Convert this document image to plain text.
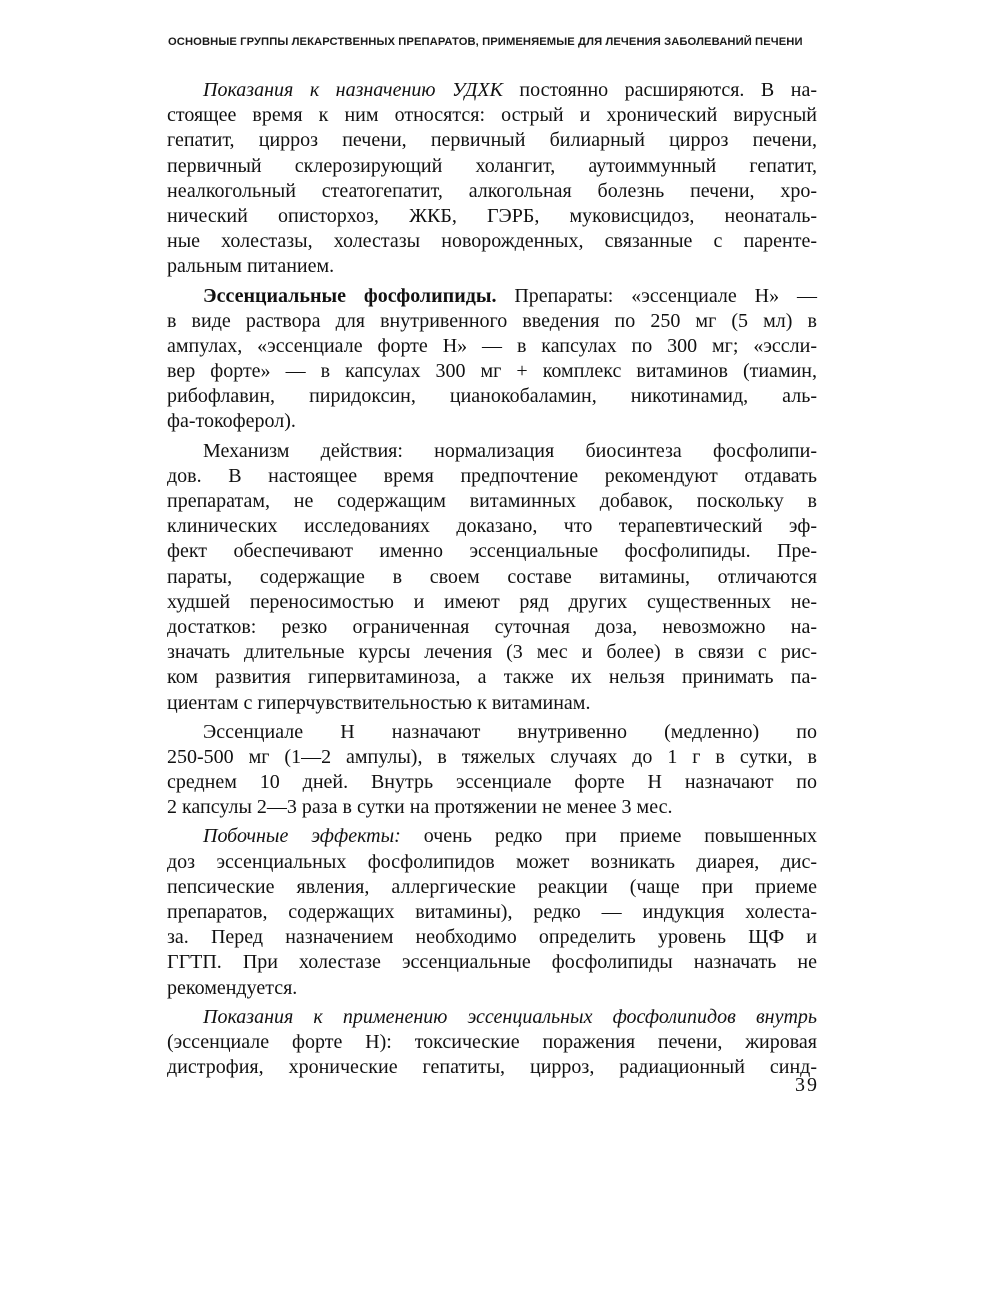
ОСНОВНЫЕ ГРУППЫ ЛЕКАРСТВЕННЫХ ПРЕПАРАТОВ, ПРИМЕНЯЕМЫЕ ДЛЯ ЛЕЧЕНИЯ ЗАБОЛЕВАНИЙ ПЕЧЕНИ
Показания к назначению УДХК постоянно расширяются. В на-
стоящее время к ним относятся: острый и хронический вирусный
гепатит, цирроз печени, первичный билиарный цирроз печени,
первичный склерозирующий холангит, аутоиммунный гепатит,
неалкогольный стеатогепатит, алкогольная болезнь печени, хро-
нический описторхоз, ЖКБ, ГЭРБ, муковисцидоз, неонаталь-
ные холестазы, холестазы новорожденных, связанные с паренте-
ральным питанием.
Эссенциальные фосфолипиды. Препараты: «эссенциале Н» —
в виде раствора для внутривенного введения по 250 мг (5 мл) в
ампулах, «эссенциале форте Н» — в капсулах по 300 мг; «эссли-
вер форте» — в капсулах 300 мг + комплекс витаминов (тиамин,
рибофлавин, пиридоксин, цианокобаламин, никотинамид, аль-
фа-токоферол).
Механизм действия: нормализация биосинтеза фосфолипи-
дов. В настоящее время предпочтение рекомендуют отдавать
препаратам, не содержащим витаминных добавок, поскольку в
клинических исследованиях доказано, что терапевтический эф-
фект обеспечивают именно эссенциальные фосфолипиды. Пре-
параты, содержащие в своем составе витамины, отличаются
худшей переносимостью и имеют ряд других существенных не-
достатков: резко ограниченная суточная доза, невозможно на-
значать длительные курсы лечения (3 мес и более) в связи с рис-
ком развития гипервитаминоза, а также их нельзя принимать па-
циентам с гиперчувствительностью к витаминам.
Эссенциале Н назначают внутривенно (медленно) по
250-500 мг (1—2 ампулы), в тяжелых случаях до 1 г в сутки, в
среднем 10 дней. Внутрь эссенциале форте Н назначают по
2 капсулы 2—3 раза в сутки на протяжении не менее 3 мес.
Побочные эффекты: очень редко при приеме повышенных
доз эссенциальных фосфолипидов может возникать диарея, дис-
пепсические явления, аллергические реакции (чаще при приеме
препаратов, содержащих витамины), редко — индукция холеста-
за. Перед назначением необходимо определить уровень ЩФ и
ГГТП. При холестазе эссенциальные фосфолипиды назначать не
рекомендуется.
Показания к применению эссенциальных фосфолипидов внутрь
(эссенциале форте Н): токсические поражения печени, жировая
дистрофия, хронические гепатиты, цирроз, радиационный синд-
39
